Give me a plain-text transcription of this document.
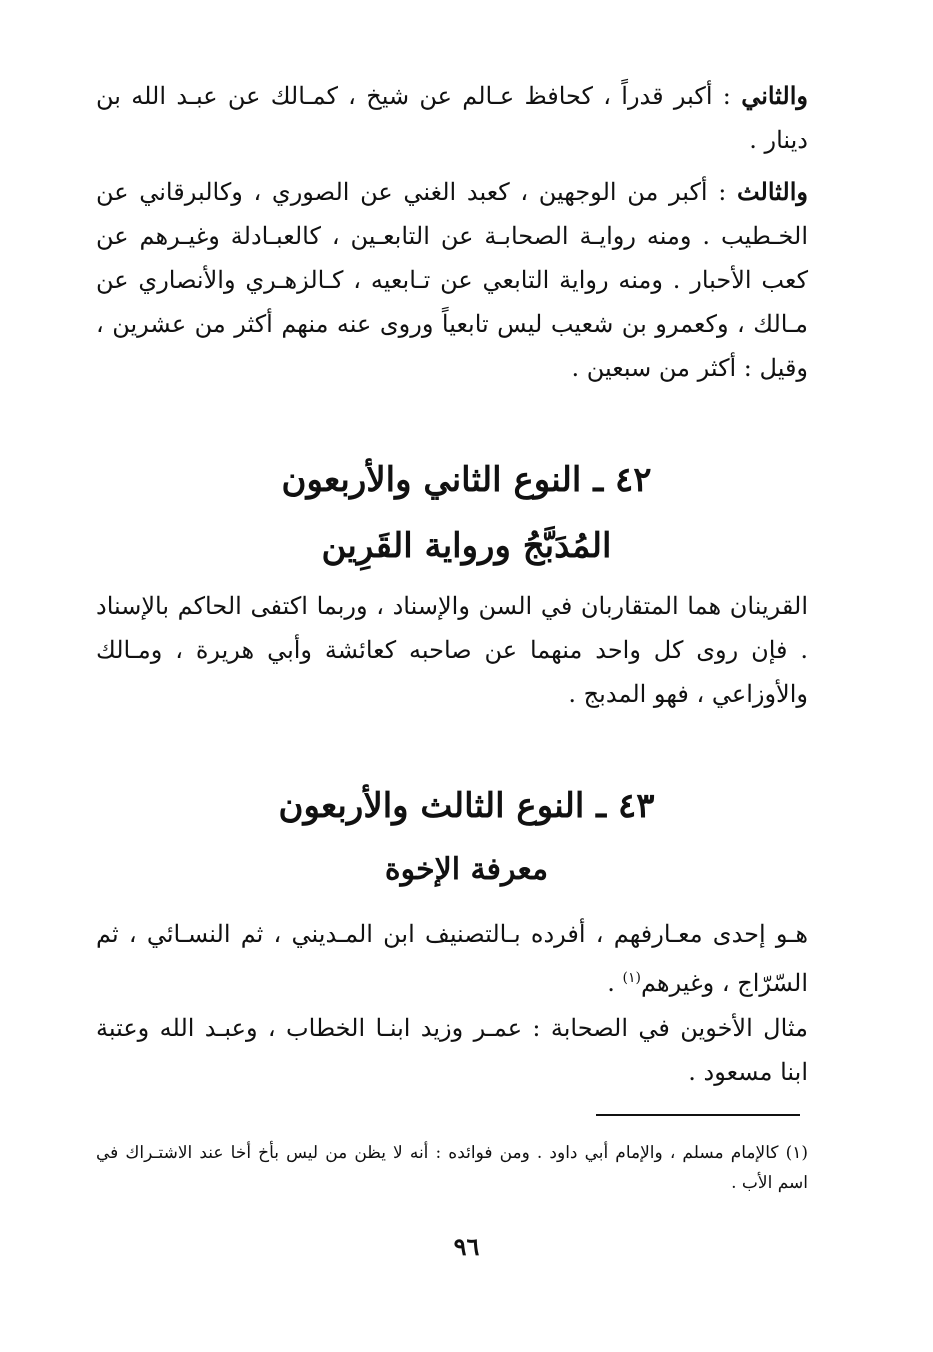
والثاني : أكبر قدراً ، كحافظ عـالم عن شيخ ، كمـالك عن عبـد الله بن دينار .
والثالث : أكبر من الوجهين ، كعبد الغني عن الصوري ، وكالبرقاني عن الخـطيب . ومنه روايـة الصحابـة عن التابعـين ، كالعبـادلة وغيـرهم عن كعب الأحبار . ومنه رواية التابعي عن تـابعيه ، كـالزهـري والأنصاري عن مـالك ، وكعمرو بن شعيب ليس تابعياً وروى عنه منهم أكثر من عشرين ، وقيل : أكثر من سبعين .
٤٢ ـ النوع الثاني والأربعون
المُدَبَّجُ ورواية القَرِين
القرينان هما المتقاربان في السن والإسناد ، وربما اكتفى الحاكم بالإسناد . فإن روى كل واحد منهما عن صاحبه كعائشة وأبي هريرة ، ومـالك والأوزاعي ، فهو المدبج .
٤٣ ـ النوع الثالث والأربعون
معرفة الإخوة
هـو إحدى معـارفهم ، أفرده بـالتصنيف ابن المـديني ، ثم النسـائي ، ثم السّرّاج ، وغيرهم$^{(١)}$ .
مثال الأخوين في الصحابة : عمـر وزيد ابنـا الخطاب ، وعبـد الله وعتبة ابنا مسعود .
(١) كالإمام مسلم ، والإمام أبي داود . ومن فوائده : أنه لا يظن من ليس بأخ أخا عند الاشتـراك في اسم الأب .
٩٦
